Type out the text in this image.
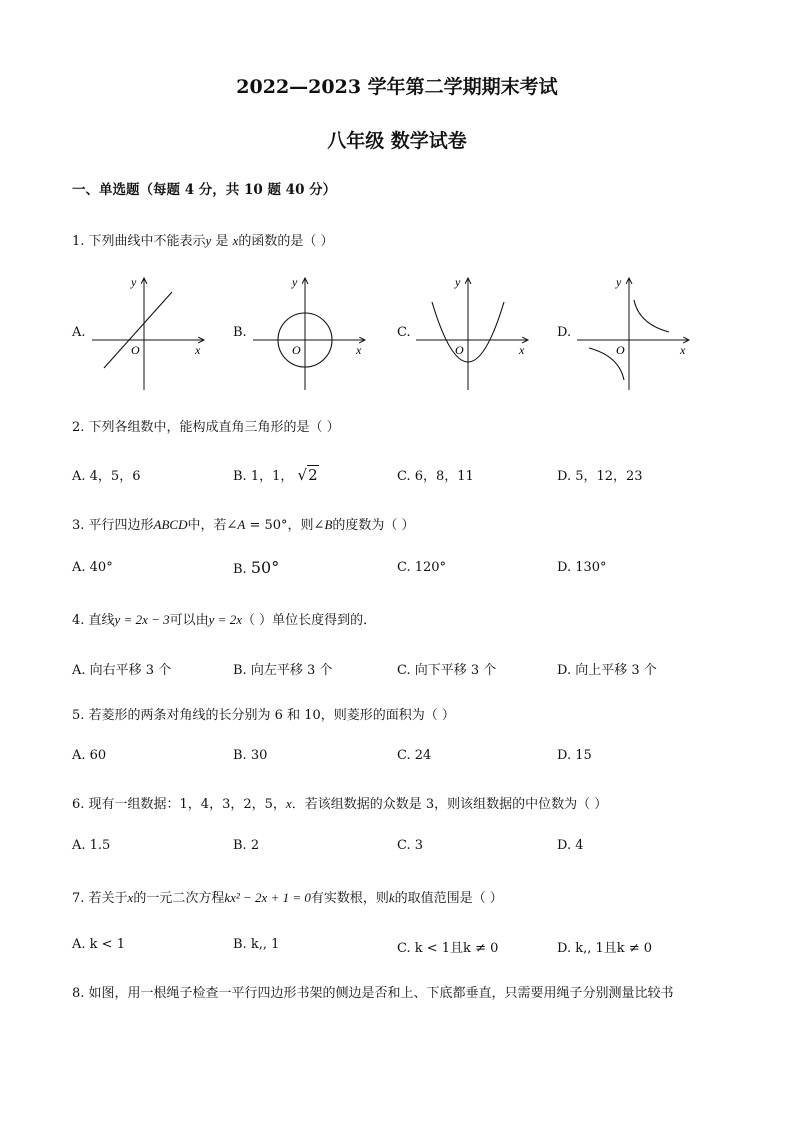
2022—2023 学年第二学期期末考试
八年级 数学试卷
一、单选题（每题 4 分，共 10 题 40 分）
1. 下列曲线中不能表示y 是 x的函数的是（ ）
A.	B.	C.	D.
x
y
O	x
y
O	x
y
O	x
y
O
2. 下列各组数中，能构成直角三角形的是（ ）
A. 4，5，6	B. 1，1， √2	C. 6，8，11	D. 5，12，23
3. 平行四边形ABCD中，若∠A = 50°，则∠B的度数为（ ）
A. 40°	B. 50°	C. 120°	D. 130°
4. 直线y = 2x − 3可以由y = 2x（ ）单位长度得到的．
A. 向右平移 3 个	B. 向左平移 3 个	C. 向下平移 3 个	D. 向上平移 3 个
5. 若菱形的两条对角线的长分别为 6 和 10，则菱形的面积为（ ）
A. 60	B. 30	C. 24	D. 15
6. 现有一组数据：1，4，3，2，5，x．若该组数据的众数是 3，则该组数据的中位数为（ ）
A. 1.5	B. 2	C. 3	D. 4
7. 若关于x的一元二次方程kx² − 2x + 1 = 0有实数根，则k的取值范围是（ ）
A. k < 1	B. k,, 1	C. k < 1且k ≠ 0	D. k,, 1且k ≠ 0
8. 如图，用一根绳子检查一平行四边形书架的侧边是否和上、下底都垂直，只需要用绳子分别测量比较书
